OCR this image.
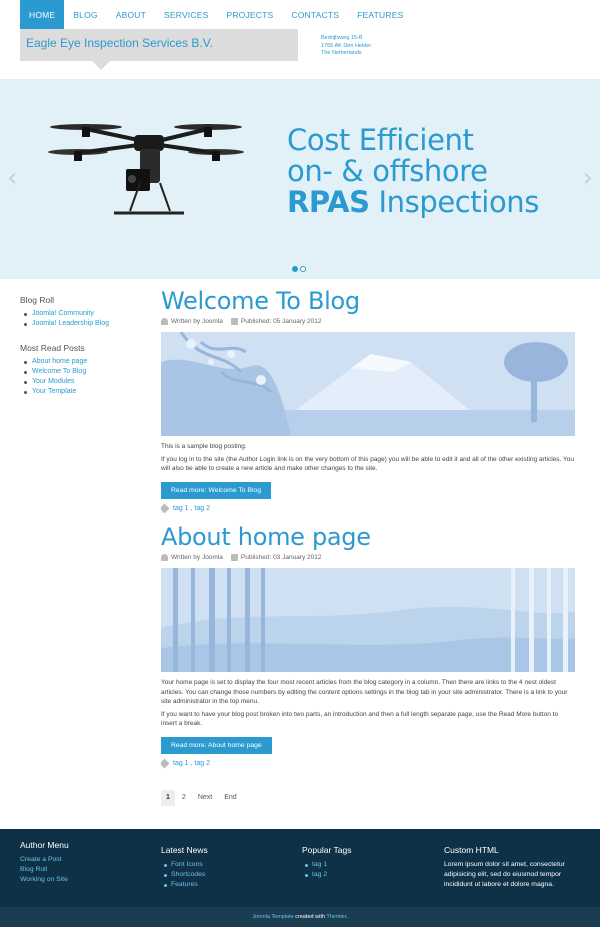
HOME	BLOG	ABOUT	SERVICES	PROJECTS	CONTACTS	FEATURES
Eagle Eye Inspection Services B.V.	Bedrijfsweg 15-B
1765 AK Den Helder
The Netherlands
‹	›
Cost Efficient
on- & offshore
RPAS Inspections
Blog Roll
Joomla! Community
Joomla! Leadership Blog
Most Read Posts
About home page
Welcome To Blog
Your Modules
Your Template
Welcome To Blog
Written by Joomla	Published: 05 January 2012

This is a sample blog posting.

If you log in to the site (the Author Login link is on the very bottom of this page) you will be able to edit it and all of the other existing articles. You will also be able to create a new article and make other changes to the site.

Read more: Welcome To Blog
tag 1 , tag 2
About home page
Written by Joomla	Published: 03 January 2012

Your home page is set to display the four most recent articles from the blog category in a column. Then there are links to the 4 nest oldest articles. You can change those numbers by editing the content options settings in the blog tab in your site administrator. There is a link to your site administrator in the top menu.

If you want to have your blog post broken into two parts, an introduction and then a full length separate page, use the Read More button to insert a break.

Read more: About home page
tag 1 , tag 2
1	2	Next	End
Author Menu
Create a Post
Blog Roll
Working on Site
Latest News
Font Icons
Shortcodes
Features
Popular Tags
tag 1
tag 2
Custom HTML

Lorem ipsum dolor sit amet, consectetur adipisicing elit, sed do eiusmod tempor incididunt ut labore et dolore magna.

Joomla Template created with Themler.
